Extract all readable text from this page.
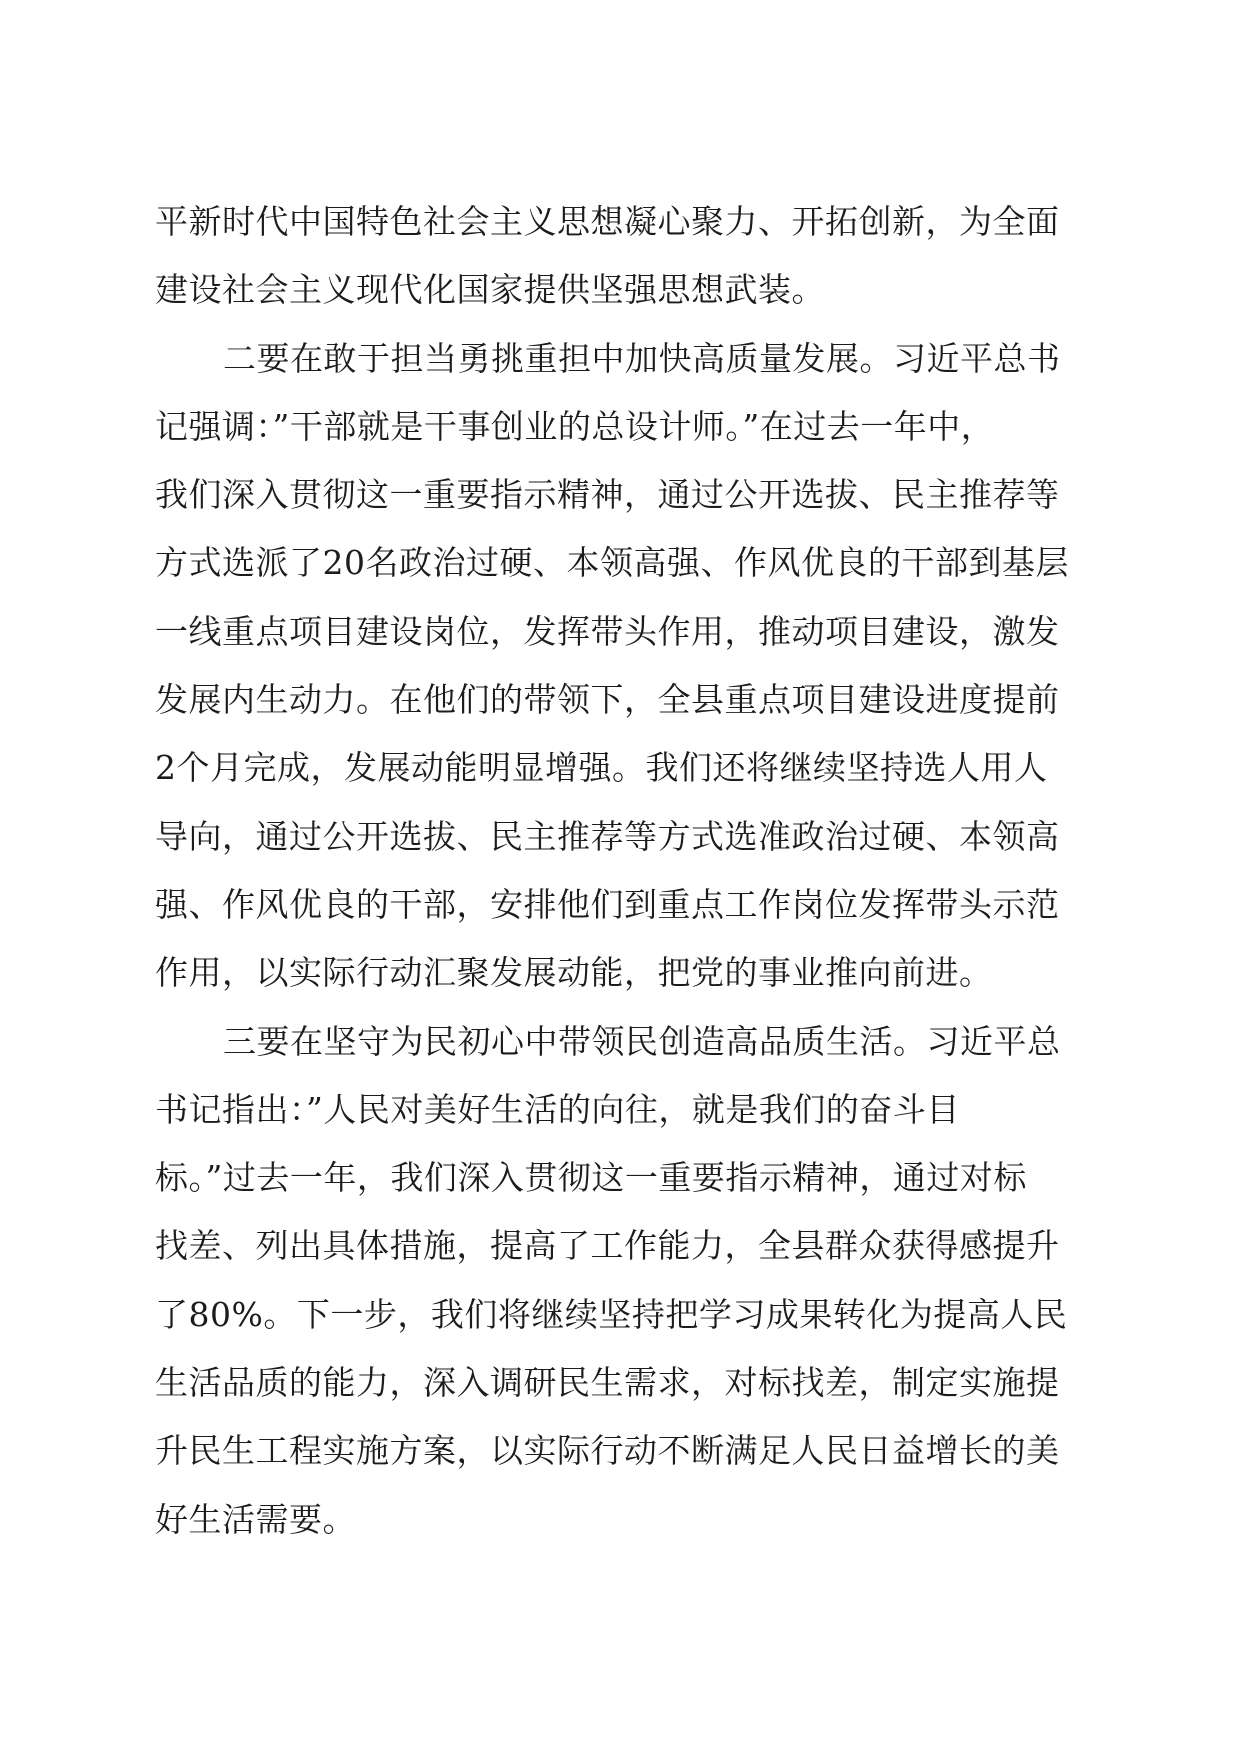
平新时代中国特色社会主义思想凝心聚力、开拓创新，为全面
建设社会主义现代化国家提供坚强思想武装。
二要在敢于担当勇挑重担中加快高质量发展。习近平总书
记强调：”干部就是干事创业的总设计师。”在过去一年中，
我们深入贯彻这一重要指示精神，通过公开选拔、民主推荐等
方式选派了20名政治过硬、本领高强、作风优良的干部到基层
一线重点项目建设岗位，发挥带头作用，推动项目建设，激发
发展内生动力。在他们的带领下，全县重点项目建设进度提前
2个月完成，发展动能明显增强。我们还将继续坚持选人用人
导向，通过公开选拔、民主推荐等方式选准政治过硬、本领高
强、作风优良的干部，安排他们到重点工作岗位发挥带头示范
作用，以实际行动汇聚发展动能，把党的事业推向前进。
三要在坚守为民初心中带领民创造高品质生活。习近平总
书记指出：”人民对美好生活的向往，就是我们的奋斗目
标。”过去一年，我们深入贯彻这一重要指示精神，通过对标
找差、列出具体措施，提高了工作能力，全县群众获得感提升
了80%。下一步，我们将继续坚持把学习成果转化为提高人民
生活品质的能力，深入调研民生需求，对标找差，制定实施提
升民生工程实施方案，以实际行动不断满足人民日益增长的美
好生活需要。
